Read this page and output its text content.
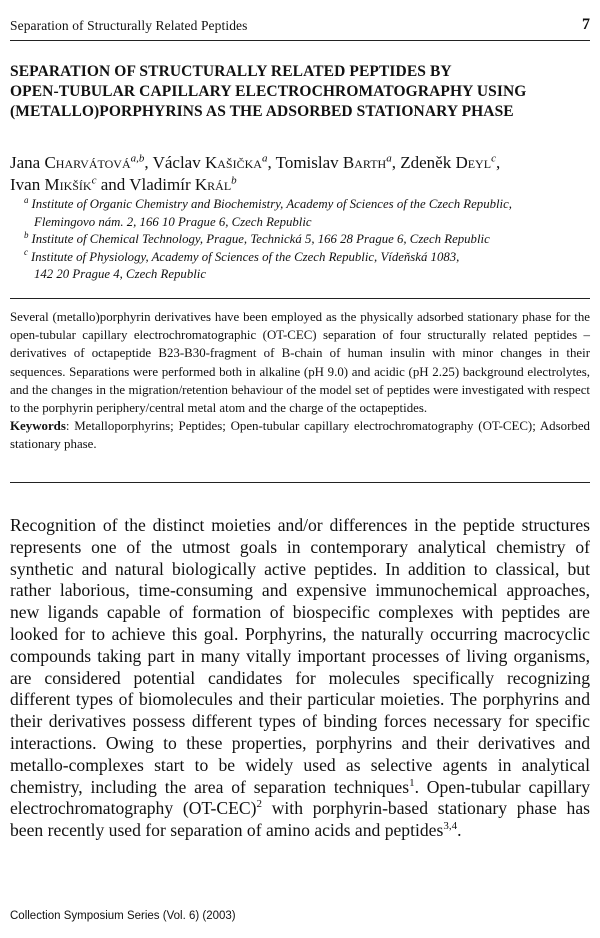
Separation of Structurally Related Peptides	7
SEPARATION OF STRUCTURALLY RELATED PEPTIDES BY
OPEN-TUBULAR CAPILLARY ELECTROCHROMATOGRAPHY USING
(METALLO)PORPHYRINS AS THE ADSORBED STATIONARY PHASE
Jana Charvátová$^{a,b}$, Václav Kašička$^a$, Tomislav Barth$^a$, Zdeněk Deyl$^c$,
Ivan Mikšík$^c$ and Vladimír Král$^b$
$^a$ Institute of Organic Chemistry and Biochemistry, Academy of Sciences of the Czech Republic,
Flemingovo nám. 2, 166 10 Prague 6, Czech Republic
$^b$ Institute of Chemical Technology, Prague, Technická 5, 166 28 Prague 6, Czech Republic
$^c$ Institute of Physiology, Academy of Sciences of the Czech Republic, Vídeňská 1083,
142 20 Prague 4, Czech Republic
Several (metallo)porphyrin derivatives have been employed as the physically adsorbed stationary phase for the open-tubular capillary electrochromatographic (OT-CEC) separation of four structurally related peptides – derivatives of octapeptide B23-B30-fragment of B-chain of human insulin with minor changes in their sequences. Separations were performed both in alkaline (pH 9.0) and acidic (pH 2.25) background electrolytes, and the changes in the migration/retention behaviour of the model set of peptides were investigated with respect to the porphyrin periphery/central metal atom and the charge of the octapeptides.
Keywords: Metalloporphyrins; Peptides; Open-tubular capillary electrochromatography (OT-CEC); Adsorbed stationary phase.
Recognition of the distinct moieties and/or differences in the peptide structures represents one of the utmost goals in contemporary analytical chemistry of synthetic and natural biologically active peptides. In addition to classical, but rather laborious, time-consuming and expensive immunochemical approaches, new ligands capable of formation of biospecific complexes with peptides are looked for to achieve this goal. Porphyrins, the naturally occurring macrocyclic compounds taking part in many vitally important processes of living organisms, are considered potential candidates for molecules specifically recognizing different types of biomolecules and their particular moieties. The porphyrins and their derivatives possess different types of binding forces necessary for specific interactions. Owing to these properties, porphyrins and their derivatives and metallo-complexes start to be widely used as selective agents in analytical chemistry, including the area of separation techniques$^1$. Open-tubular capillary electrochromatography $(OT-CEC)^2$ with porphyrin-based stationary phase has been recently used for separation of amino acids and peptides$^{3,4}$.
Collection Symposium Series (Vol. 6) (2003)
